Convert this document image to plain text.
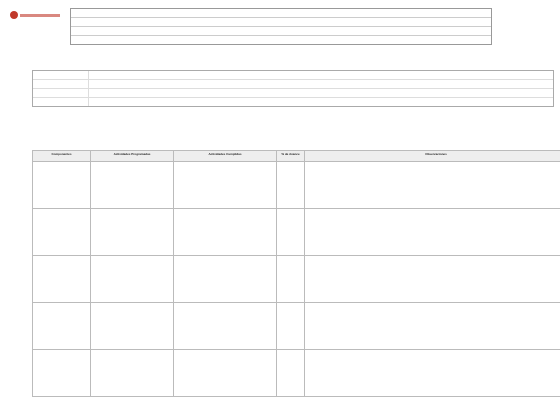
Componentes	Actividades Programadas	Actividades Cumplidas	% de Avance	Observaciones
